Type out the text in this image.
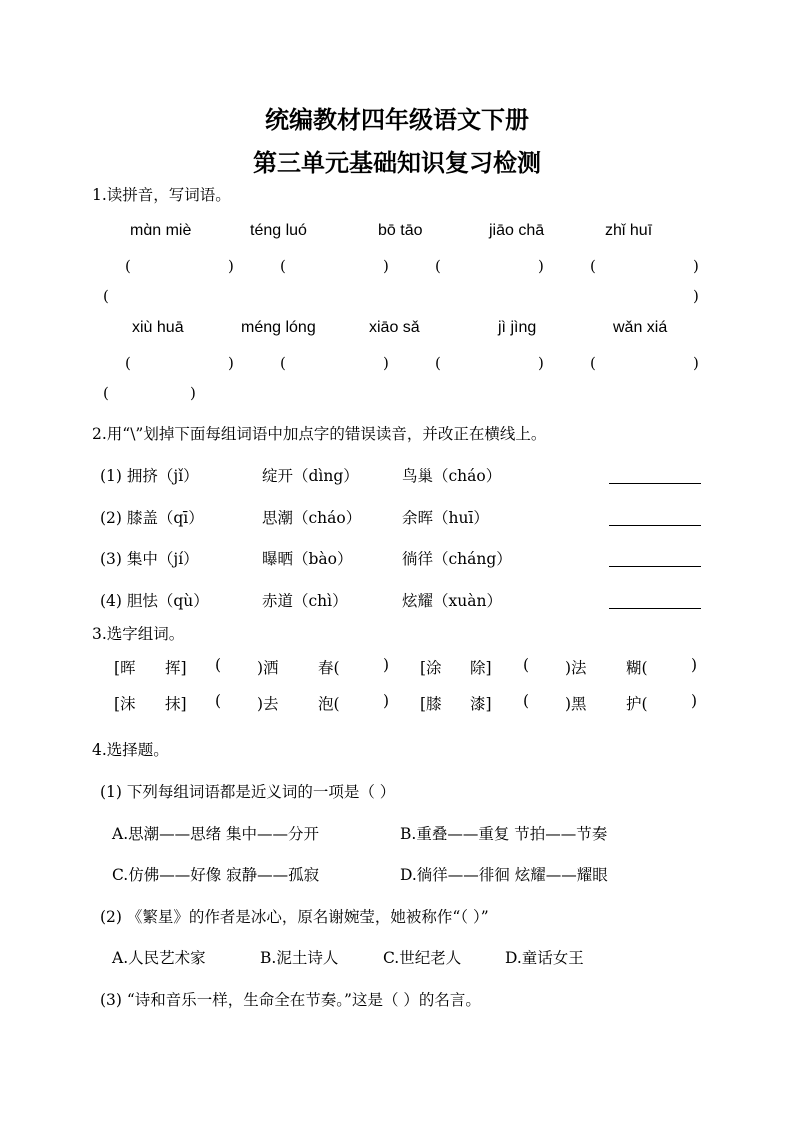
统编教材四年级语文下册
第三单元基础知识复习检测
1.读拼音，写词语。
mɑ̀n miè	téng luó	bō tāo	jiāo chā	zhǐ huī
(	)	(	)	(	)	(	)
(	)
xiù huā	méng lóng	xiāo sǎ	jì jìng	wǎn xiá
(	)	(	)	(	)	(	)
(	)
2.用“\”划掉下面每组词语中加点字的错误读音，并改正在横线上。
(1) 拥挤（jǐ）	绽开（dìng）	鸟巢（cháo）
(2) 膝盖（qī）	思潮（cháo）	余晖（huī）
(3) 集中（jí）	曝晒（bào）	徜徉（cháng）
(4) 胆怯（qù）	赤道（chì）	炫耀（xuàn）
3.选字组词。
[晖 挥] ( )洒	春(	) [涂 除] ( )法	糊(	)
[沫 抹] ( )去	泡(	) [膝 漆] ( )黑	护(	)
4.选择题。
(1) 下列每组词语都是近义词的一项是（ ）
A.思潮——思绪 集中——分开	B.重叠——重复 节拍——节奏
C.仿佛——好像 寂静——孤寂	D.徜徉——徘徊 炫耀——耀眼
(2) 《繁星》的作者是冰心，原名谢婉莹，她被称作“（ ）”
A.人民艺术家	B.泥土诗人	C.世纪老人	D.童话女王
(3) “诗和音乐一样，生命全在节奏。”这是（ ）的名言。
